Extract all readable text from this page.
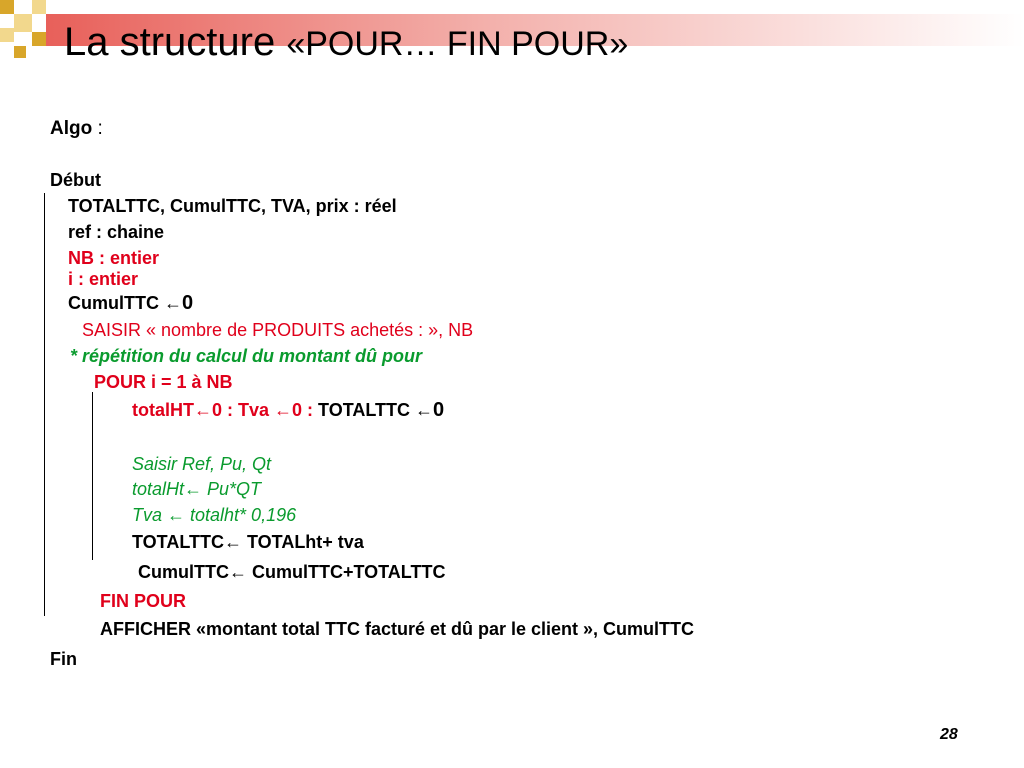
La structure «POUR… FIN POUR»
Algo :
Début
TOTALTTC, CumulTTC, TVA, prix : réel
ref : chaine
NB : entier
i : entier
CumulTTC ←0
SAISIR « nombre de PRODUITS achetés : », NB
* répétition du calcul du montant dû pour
POUR i = 1 à NB
totalHT←0 : Tva ←0 : TOTALTTC ←0
Saisir Ref, Pu, Qt
totalHt← Pu*QT
Tva ← totalht* 0,196
TOTALTTC← TOTALht+ tva
CumulTTC← CumulTTC+TOTALTTC
FIN POUR
AFFICHER «montant total TTC facturé et dû par le client », CumulTTC
Fin
28
